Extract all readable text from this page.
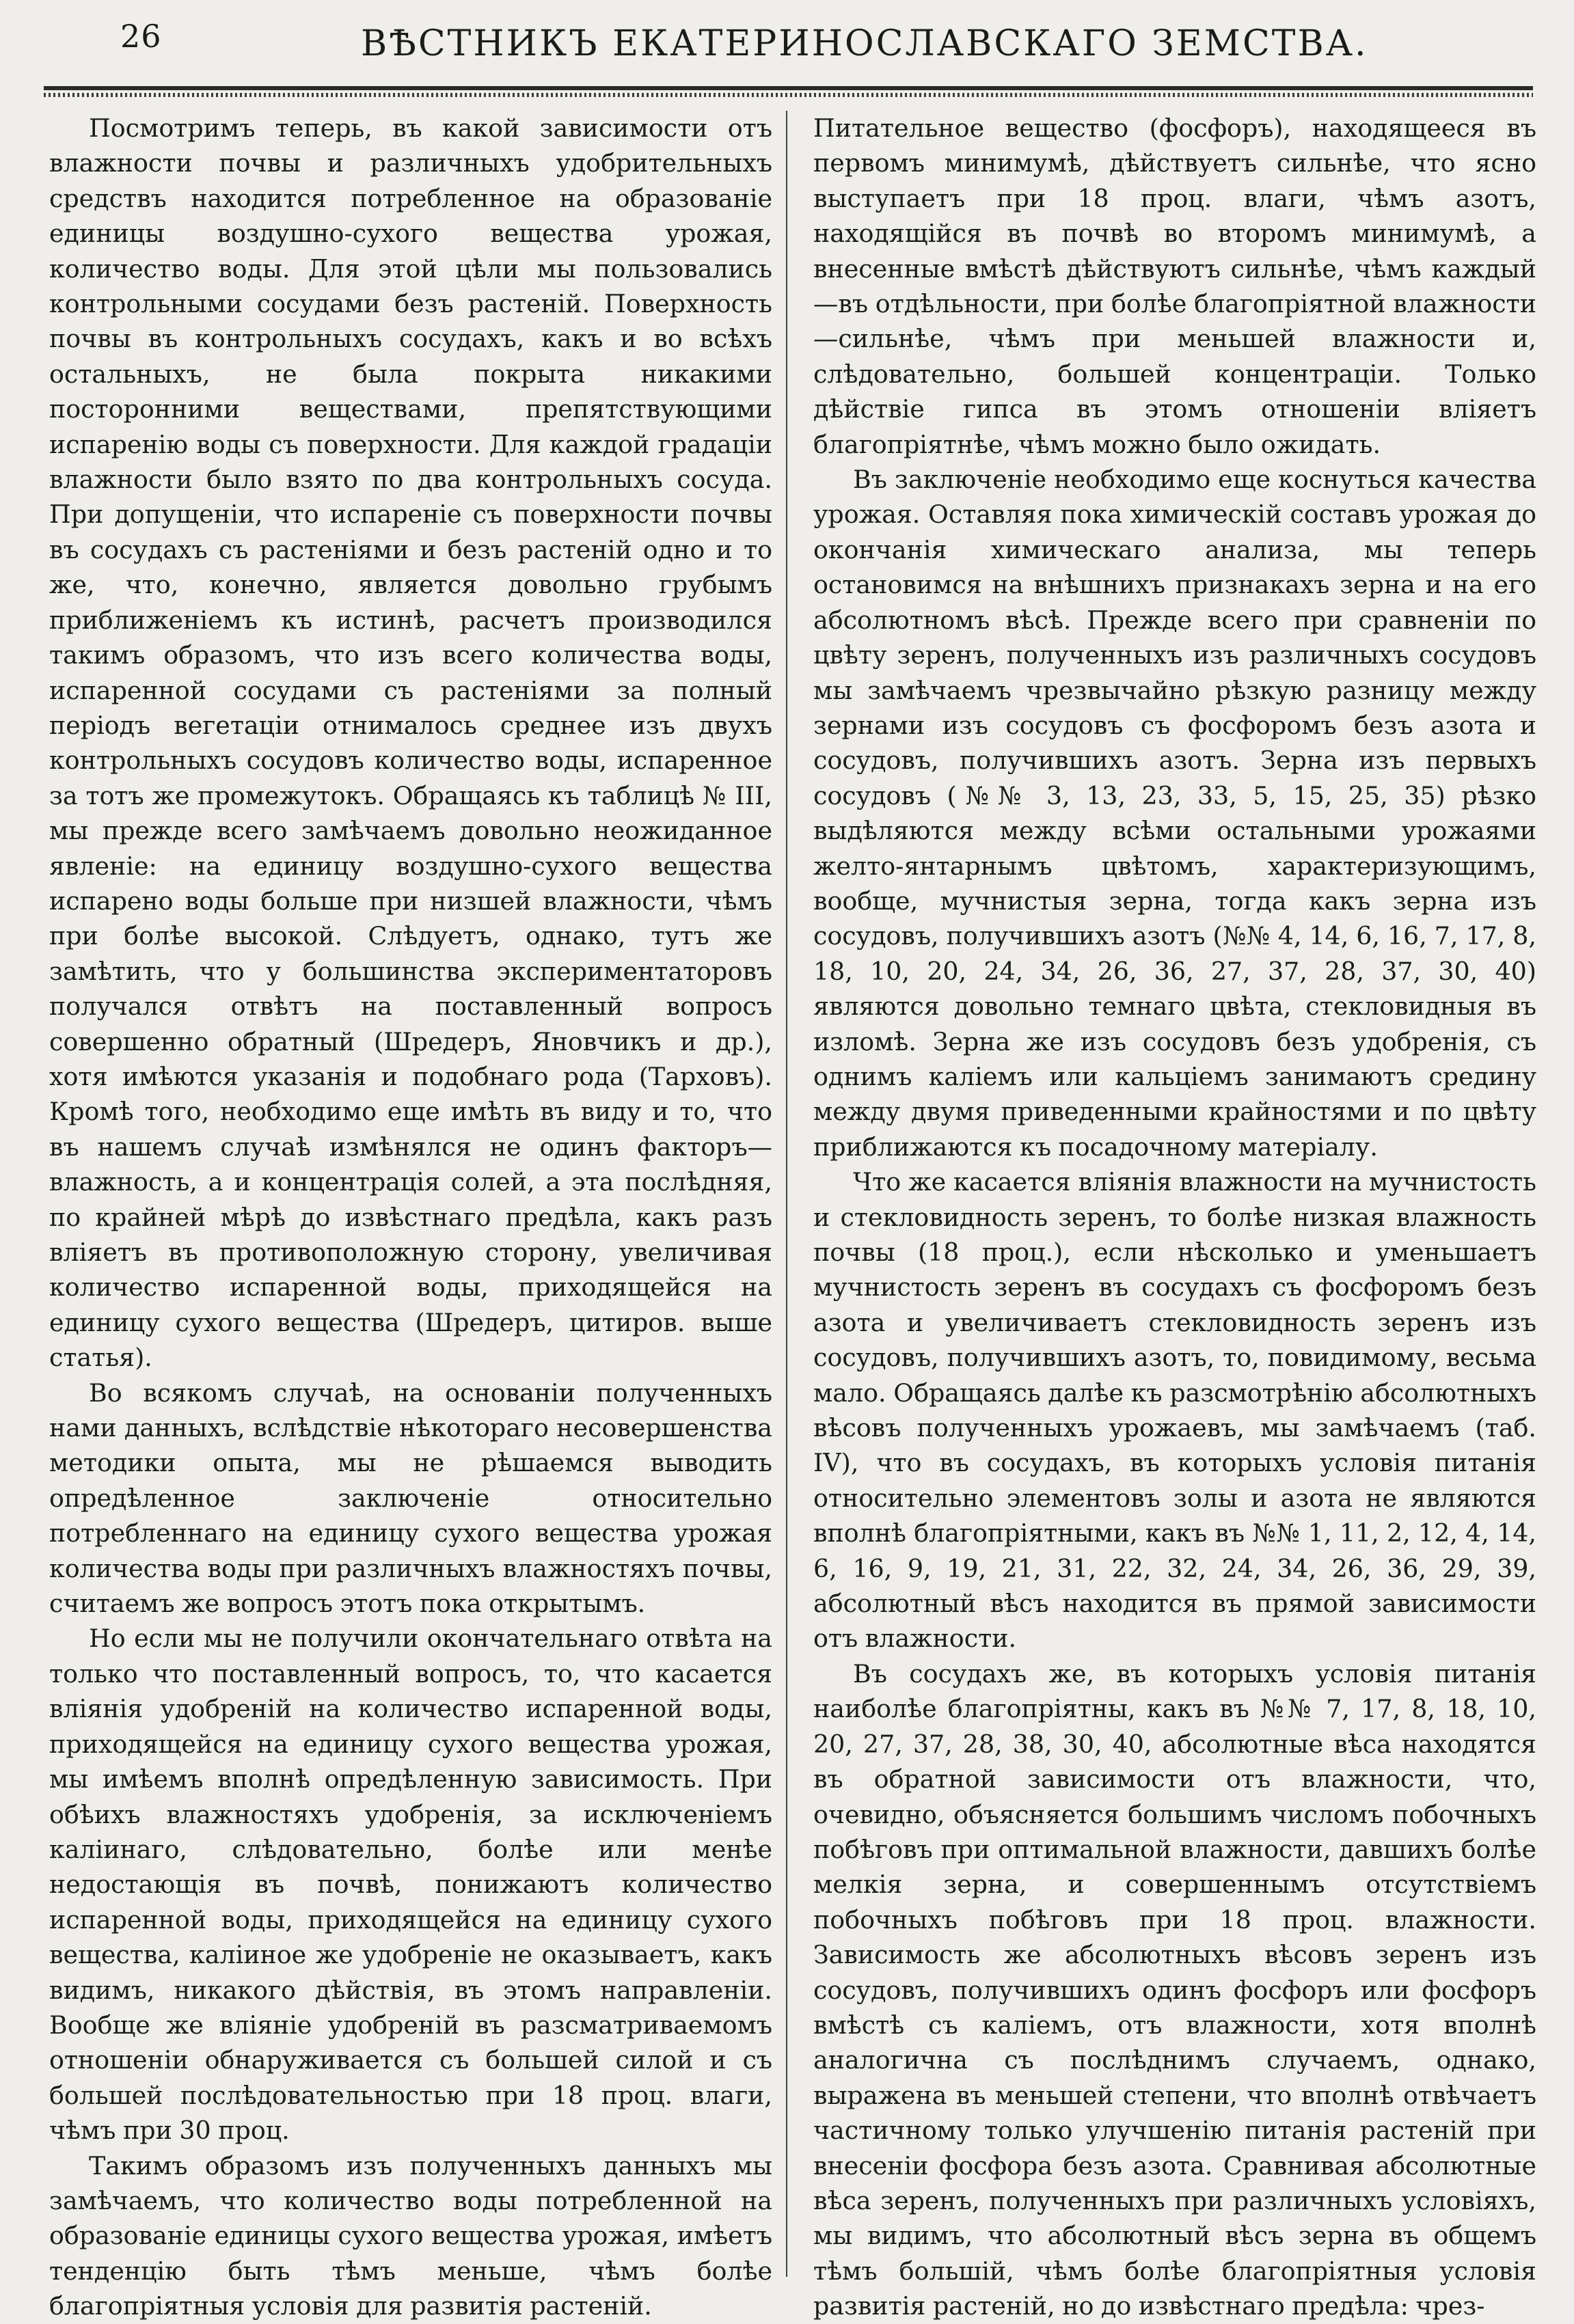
26	ВѢСТНИКЪ ЕКАТЕРИНОСЛАВСКАГО ЗЕМСТВА.

Посмотримъ теперь, въ какой зависимости отъ влажности почвы и различныхъ удобрительныхъ средствъ находится потребленное на образованіе единицы воздушно-сухого вещества урожая, количество воды. Для этой цѣли мы пользовались контрольными сосудами безъ растеній. Поверхность почвы въ контрольныхъ сосудахъ, какъ и во всѣхъ остальныхъ, не была покрыта никакими посторонними веществами, препятствующими испаренію воды съ поверхности. Для каждой градаціи влажности было взято по два контрольныхъ сосуда. При допущеніи, что испареніе съ поверхности почвы въ сосудахъ съ растеніями и безъ растеній одно и то же, что, конечно, является довольно грубымъ приближеніемъ къ истинѣ, расчетъ производился такимъ образомъ, что изъ всего количества воды, испаренной сосудами съ растеніями за полный періодъ вегетаціи отнималось среднее изъ двухъ контрольныхъ сосудовъ количество воды, испаренное за тотъ же промежутокъ. Обращаясь къ таблицѣ № III, мы прежде всего замѣчаемъ довольно неожиданное явленіе: на единицу воздушно-сухого вещества испарено воды больше при низшей влажности, чѣмъ при болѣе высокой. Слѣдуетъ, однако, тутъ же замѣтить, что у большинства экспериментаторовъ получался отвѣтъ на поставленный вопросъ совершенно обратный (Шредеръ, Яновчикъ и др.), хотя имѣются указанія и подобнаго рода (Тарховъ). Кромѣ того, необходимо еще имѣть въ виду и то, что въ нашемъ случаѣ измѣнялся не одинъ факторъ—влажность, а и концентрація солей, а эта послѣдняя, по крайней мѣрѣ до извѣстнаго предѣла, какъ разъ вліяетъ въ противоположную сторону, увеличивая количество испаренной воды, приходящейся на единицу сухого вещества (Шредеръ, цитиров. выше статья).

Во всякомъ случаѣ, на основаніи полученныхъ нами данныхъ, вслѣдствіе нѣкотораго несовершенства методики опыта, мы не рѣшаемся выводить опредѣленное заключеніе относительно потребленнаго на единицу сухого вещества урожая количества воды при различныхъ влажностяхъ почвы, считаемъ же вопросъ этотъ пока открытымъ.

Но если мы не получили окончательнаго отвѣта на только что поставленный вопросъ, то, что касается вліянія удобреній на количество испаренной воды, приходящейся на единицу сухого вещества урожая, мы имѣемъ вполнѣ опредѣленную зависимость. При обѣихъ влажностяхъ удобренія, за исключеніемъ каліинаго, слѣдовательно, болѣе или менѣе недостающія въ почвѣ, понижаютъ количество испаренной воды, приходящейся на единицу сухого вещества, каліиное же удобреніе не оказываетъ, какъ видимъ, никакого дѣйствія, въ этомъ направленіи. Вообще же вліяніе удобреній въ разсматриваемомъ отношеніи обнаруживается съ большей силой и съ большей послѣдовательностью при 18 проц. влаги, чѣмъ при 30 проц.

Такимъ образомъ изъ полученныхъ данныхъ мы замѣчаемъ, что количество воды потребленной на образованіе единицы сухого вещества урожая, имѣетъ тенденцію быть тѣмъ меньше, чѣмъ болѣе благопріятныя условія для развитія растеній.

Питательное вещество (фосфоръ), находящееся въ первомъ минимумѣ, дѣйствуетъ сильнѣе, что ясно выступаетъ при 18 проц. влаги, чѣмъ азотъ, находящійся въ почвѣ во второмъ минимумѣ, а внесенные вмѣстѣ дѣйствуютъ сильнѣе, чѣмъ каждый—въ отдѣльности, при болѣе благопріятной влажности—сильнѣе, чѣмъ при меньшей влажности и, слѣдовательно, большей концентраціи. Только дѣйствіе гипса въ этомъ отношеніи вліяетъ благопріятнѣе, чѣмъ можно было ожидать.

Въ заключеніе необходимо еще коснуться качества урожая. Оставляя пока химическій составъ урожая до окончанія химическаго анализа, мы теперь остановимся на внѣшнихъ признакахъ зерна и на его абсолютномъ вѣсѣ. Прежде всего при сравненіи по цвѣту зеренъ, полученныхъ изъ различныхъ сосудовъ мы замѣчаемъ чрезвычайно рѣзкую разницу между зернами изъ сосудовъ съ фосфоромъ безъ азота и сосудовъ, получившихъ азотъ. Зерна изъ первыхъ сосудовъ (№№ 3, 13, 23, 33, 5, 15, 25, 35) рѣзко выдѣляются между всѣми остальными урожаями желто-янтарнымъ цвѣтомъ, характеризующимъ, вообще, мучнистыя зерна, тогда какъ зерна изъ сосудовъ, получившихъ азотъ (№№ 4, 14, 6, 16, 7, 17, 8, 18, 10, 20, 24, 34, 26, 36, 27, 37, 28, 37, 30, 40) являются довольно темнаго цвѣта, стекловидныя въ изломѣ. Зерна же изъ сосудовъ безъ удобренія, съ однимъ каліемъ или кальціемъ занимаютъ средину между двумя приведенными крайностями и по цвѣту приближаются къ посадочному матеріалу.

Что же касается вліянія влажности на мучнистость и стекловидность зеренъ, то болѣе низкая влажность почвы (18 проц.), если нѣсколько и уменьшаетъ мучнистость зеренъ въ сосудахъ съ фосфоромъ безъ азота и увеличиваетъ стекловидность зеренъ изъ сосудовъ, получившихъ азотъ, то, повидимому, весьма мало. Обращаясь далѣе къ разсмотрѣнію абсолютныхъ вѣсовъ полученныхъ урожаевъ, мы замѣчаемъ (таб. IV), что въ сосудахъ, въ которыхъ условія питанія относительно элементовъ золы и азота не являются вполнѣ благопріятными, какъ въ №№ 1, 11, 2, 12, 4, 14, 6, 16, 9, 19, 21, 31, 22, 32, 24, 34, 26, 36, 29, 39, абсолютный вѣсъ находится въ прямой зависимости отъ влажности.

Въ сосудахъ же, въ которыхъ условія питанія наиболѣе благопріятны, какъ въ №№ 7, 17, 8, 18, 10, 20, 27, 37, 28, 38, 30, 40, абсолютные вѣса находятся въ обратной зависимости отъ влажности, что, очевидно, объясняется большимъ числомъ побочныхъ побѣговъ при оптимальной влажности, давшихъ болѣе мелкія зерна, и совершеннымъ отсутствіемъ побочныхъ побѣговъ при 18 проц. влажности. Зависимость же абсолютныхъ вѣсовъ зеренъ изъ сосудовъ, получившихъ одинъ фосфоръ или фосфоръ вмѣстѣ съ каліемъ, отъ влажности, хотя вполнѣ аналогична съ послѣднимъ случаемъ, однако, выражена въ меньшей степени, что вполнѣ отвѣчаетъ частичному только улучшенію питанія растеній при внесеніи фосфора безъ азота. Сравнивая абсолютные вѣса зеренъ, полученныхъ при различныхъ условіяхъ, мы видимъ, что абсолютный вѣсъ зерна въ общемъ тѣмъ большій, чѣмъ болѣе благопріятныя условія развитія растеній, но до извѣстнаго предѣла: чрез-
